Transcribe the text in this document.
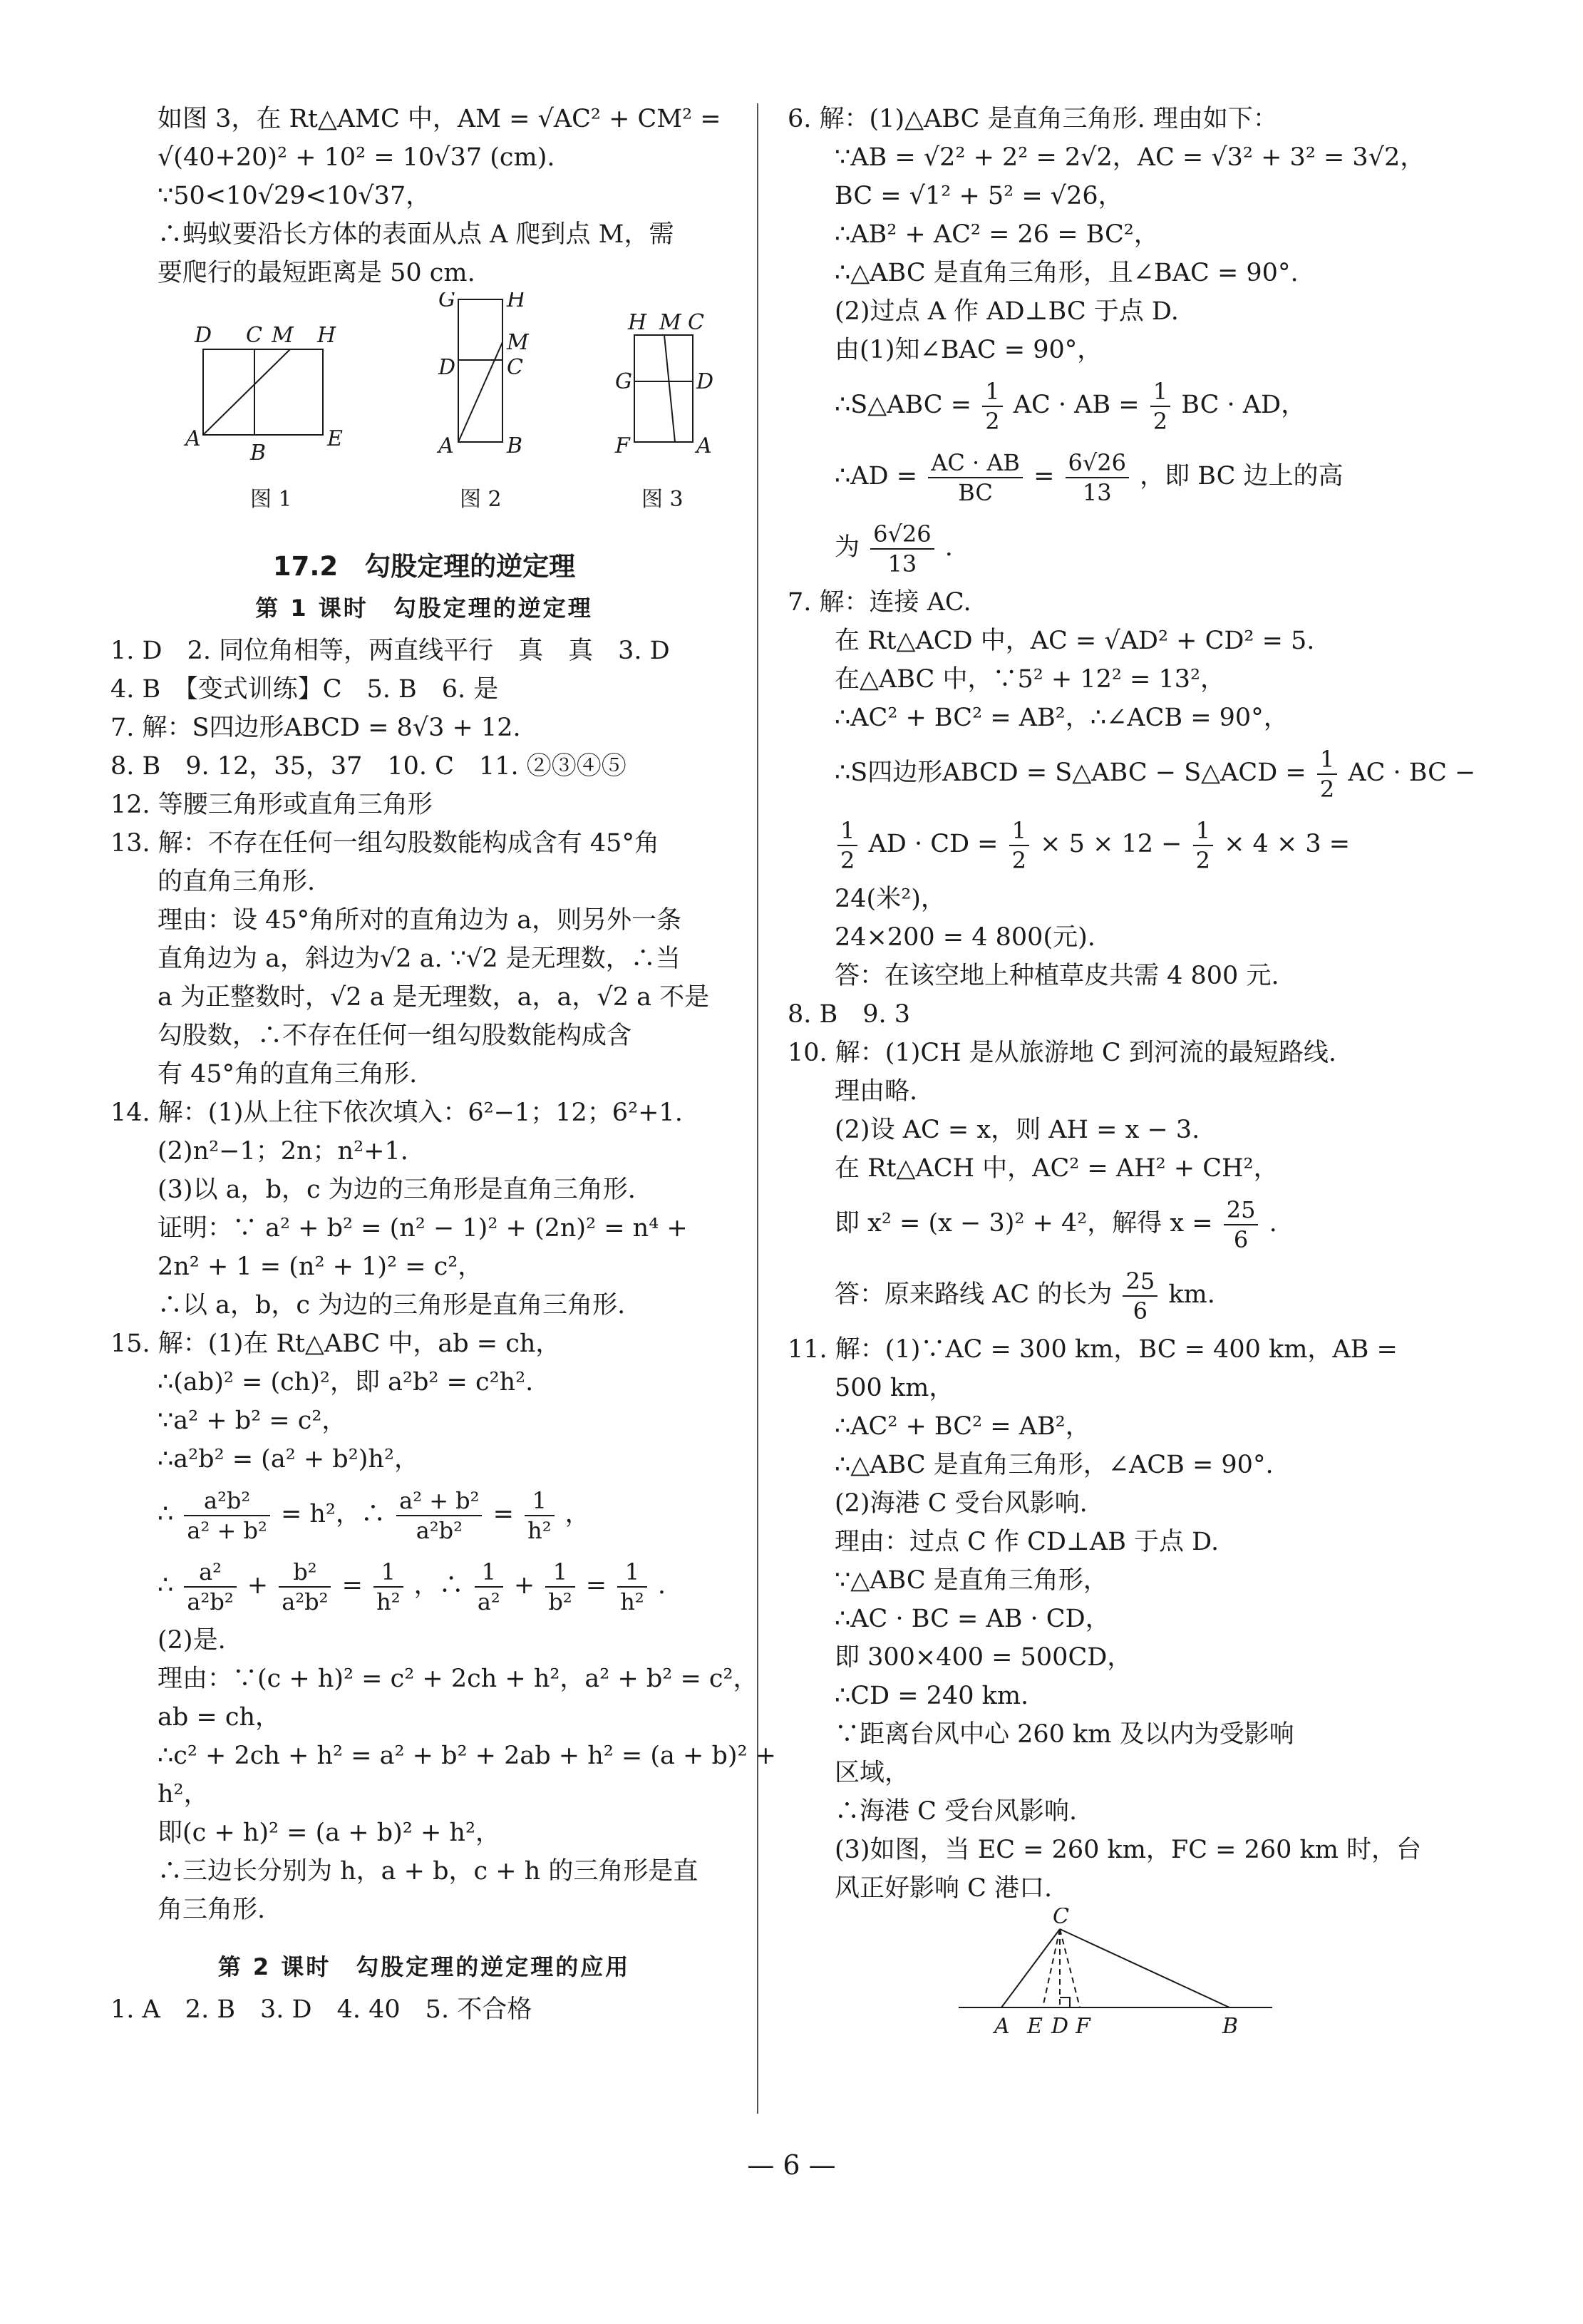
如图 3，在 Rt△AMC 中，AM = √AC² + CM² =
√(40+20)² + 10² = 10√37 (cm).
∵50<10√29<10√37，
∴蚂蚁要沿长方体的表面从点 A 爬到点 M，需
要爬行的最短距离是 50 cm.
D C M H
A
B
E
图 1
G H
M
D C
A B
图 2
H M C
G	D
F	A
图 3
17.2　勾股定理的逆定理
第 1 课时　勾股定理的逆定理
1. D　2. 同位角相等，两直线平行　真　真　3. D
4. B　【变式训练】C　5. B　6. 是
7. 解：S四边形ABCD = 8√3 + 12.
8. B　9. 12，35，37　10. C　11. ②③④⑤
12. 等腰三角形或直角三角形
13. 解：不存在任何一组勾股数能构成含有 45°角
的直角三角形.
理由：设 45°角所对的直角边为 a，则另外一条
直角边为 a，斜边为√2 a. ∵√2 是无理数，∴当
a 为正整数时，√2 a 是无理数，a，a，√2 a 不是
勾股数，∴不存在任何一组勾股数能构成含
有 45°角的直角三角形.
14. 解：(1)从上往下依次填入：6²−1；12；6²+1.
(2)n²−1；2n；n²+1.
(3)以 a，b，c 为边的三角形是直角三角形.
证明：∵ a² + b² = (n² − 1)² + (2n)² = n⁴ +
2n² + 1 = (n² + 1)² = c²，
∴以 a，b，c 为边的三角形是直角三角形.
15. 解：(1)在 Rt△ABC 中，ab = ch，
∴(ab)² = (ch)²，即 a²b² = c²h².
∵a² + b² = c²，
∴a²b² = (a² + b²)h²，
∴ $\frac{\text{a²b²}}{\text{a² + b²}} = h^2$，∴ $\frac{\text{a² + b²}}{\text{a²b²}} = \frac{1}{\text{h²}}$ ，
∴ $\frac{\text{a²}}{\text{a²b²}} + \frac{\text{b²}}{\text{a²b²}} = \frac{1}{\text{h²}}$ ，∴ $\frac{1}{\text{a²}} + \frac{1}{\text{b²}} = \frac{1}{\text{h²}}$ .
(2)是.
理由：∵(c + h)² = c² + 2ch + h²，a² + b² = c²，
ab = ch，
∴c² + 2ch + h² = a² + b² + 2ab + h² = (a + b)² +
h²，
即(c + h)² = (a + b)² + h²，
∴三边长分别为 h，a + b，c + h 的三角形是直
角三角形.
第 2 课时　勾股定理的逆定理的应用
1. A　2. B　3. D　4. 40　5. 不合格
6. 解：(1)△ABC 是直角三角形. 理由如下：
∵AB = √2² + 2² = 2√2，AC = √3² + 3² = 3√2，
BC = √1² + 5² = √26，
∴AB² + AC² = 26 = BC²，
∴△ABC 是直角三角形，且∠BAC = 90°.
(2)过点 A 作 AD⊥BC 于点 D.
由(1)知∠BAC = 90°，
∴S△ABC = $\frac{1}{2}$ AC · AB = $\frac{1}{2}$ BC · AD，
∴AD = $\frac{AC \cdot AB}{BC} = \frac{6√26}{13}$ ，即 BC 边上的高
为 $\frac{6√26}{13}$ .
7. 解：连接 AC.
在 Rt△ACD 中，AC = √AD² + CD² = 5.
在△ABC 中，∵5² + 12² = 13²，
∴AC² + BC² = AB²，∴∠ACB = 90°，
∴S四边形ABCD = S△ABC − S△ACD = $\frac{1}{2}$ AC · BC −
$\frac{1}{2}$ AD · CD = $\frac{1}{2} \times 5 \times 12 - \frac{1}{2} \times 4 \times 3$ =
24(米²)，
24×200 = 4 800(元).
答：在该空地上种植草皮共需 4 800 元.
8. B　9. 3
10. 解：(1)CH 是从旅游地 C 到河流的最短路线.
理由略.
(2)设 AC = x，则 AH = x − 3.
在 Rt△ACH 中，AC² = AH² + CH²，
即 x² = (x − 3)² + 4²，解得 $x = \frac{25}{6}$ .
答：原来路线 AC 的长为 $\frac{25}{6}$ km.
11. 解：(1)∵AC = 300 km，BC = 400 km，AB =
500 km，
∴AC² + BC² = AB²，
∴△ABC 是直角三角形，∠ACB = 90°.
(2)海港 C 受台风影响.
理由：过点 C 作 CD⊥AB 于点 D.
∵△ABC 是直角三角形，
∴AC · BC = AB · CD，
即 300×400 = 500CD，
∴CD = 240 km.
∵距离台风中心 260 km 及以内为受影响
区域，
∴海港 C 受台风影响.
(3)如图，当 EC = 260 km，FC = 260 km 时，台
风正好影响 C 港口.
C
A E D F	B
— 6 —
